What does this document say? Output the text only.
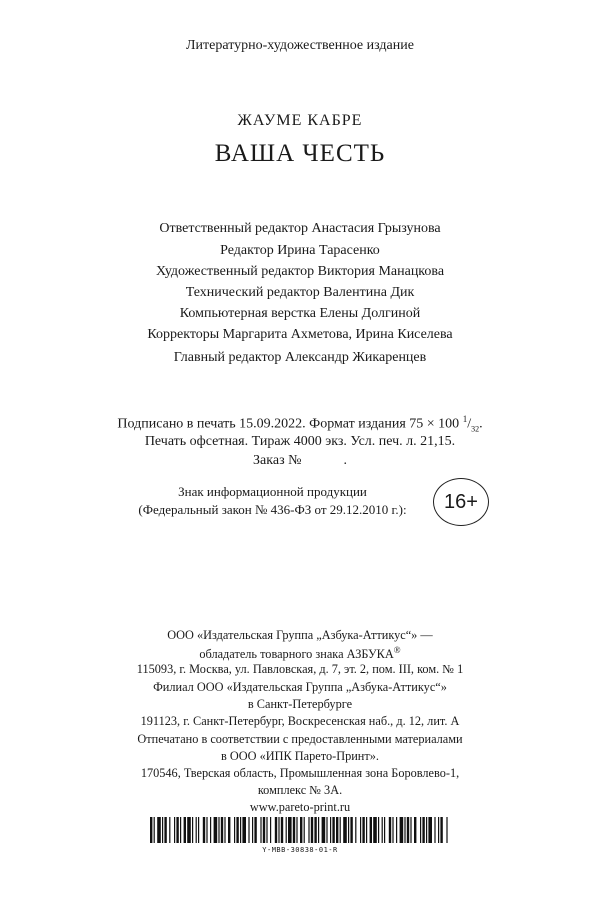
Литературно-художественное издание
ЖАУМЕ КАБРЕ
ВАША ЧЕСТЬ
Ответственный редактор Анастасия Грызунова
Редактор Ирина Тарасенко
Художественный редактор Виктория Манацкова
Технический редактор Валентина Дик
Компьютерная верстка Елены Долгиной
Корректоры Маргарита Ахметова, Ирина Киселева
Главный редактор Александр Жикаренцев
Подписано в печать 15.09.2022. Формат издания 75 × 100 $^1/_{32}$.
Печать офсетная. Тираж 4000 экз. Усл. печ. л. 21,15.
Заказ №            .
Знак информационной продукции
(Федеральный закон № 436-ФЗ от 29.12.2010 г.):	16+
ООО «Издательская Группа „Азбука-Аттикус“» —
обладатель товарного знака АЗБУКА®
115093, г. Москва, ул. Павловская, д. 7, эт. 2, пом. III, ком. № 1
Филиал ООО «Издательская Группа „Азбука-Аттикус“»
в Санкт-Петербурге
191123, г. Санкт-Петербург, Воскресенская наб., д. 12, лит. А
Отпечатано в соответствии с предоставленными материалами
в ООО «ИПК Парето-Принт».
170546, Тверская область, Промышленная зона Боровлево-1,
комплекс № 3А.
www.pareto-print.ru
Y-MBB-30838-01-R
